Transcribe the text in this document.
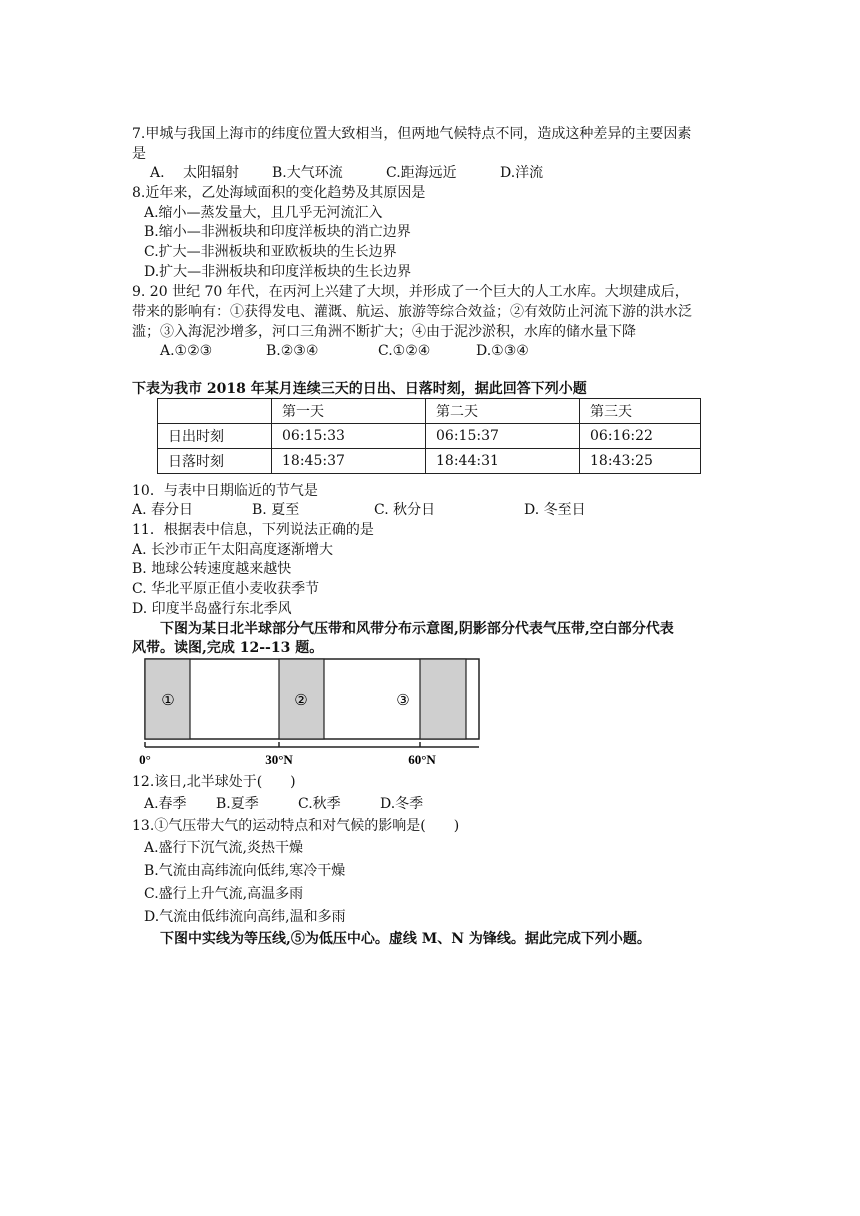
7.甲城与我国上海市的纬度位置大致相当，但两地气候特点不同，造成这种差异的主要因素
是
A.　 太阳辐射 B.大气环流	C.距海远近	D.洋流
8.近年来，乙处海域面积的变化趋势及其原因是
A.缩小—蒸发量大，且几乎无河流汇入
B.缩小—非洲板块和印度洋板块的消亡边界
C.扩大—非洲板块和亚欧板块的生长边界
D.扩大—非洲板块和印度洋板块的生长边界
9. 20 世纪 70 年代，在丙河上兴建了大坝，并形成了一个巨大的人工水库。大坝建成后，
带来的影响有：①获得发电、灌溉、航运、旅游等综合效益；②有效防止河流下游的洪水泛
滥；③入海泥沙增多，河口三角洲不断扩大；④由于泥沙淤积，水库的储水量下降
A.①②③	B.②③④	C.①②④	D.①③④
下表为我市 2018 年某月连续三天的日出、日落时刻，据此回答下列小题
	第一天	第二天	第三天
日出时刻	06:15:33	06:15:37	06:16:22
日落时刻	18:45:37	18:44:31	18:43:25
10．与表中日期临近的节气是
A. 春分日	B. 夏至	C. 秋分日	D. 冬至日
11．根据表中信息，下列说法正确的是
A. 长沙市正午太阳高度逐渐增大
B. 地球公转速度越来越快
C. 华北平原正值小麦收获季节
D. 印度半岛盛行东北季风
下图为某日北半球部分气压带和风带分布示意图,阴影部分代表气压带,空白部分代表
风带。读图,完成 12--13 题。
①	②	③
0°	30°N	60°N
12.该日,北半球处于(　　)
A.春季 B.夏季	C.秋季	D.冬季
13.①气压带大气的运动特点和对气候的影响是(　　)
A.盛行下沉气流,炎热干燥
B.气流由高纬流向低纬,寒冷干燥
C.盛行上升气流,高温多雨
D.气流由低纬流向高纬,温和多雨
下图中实线为等压线,⑤为低压中心。虚线 M、N 为锋线。据此完成下列小题。
